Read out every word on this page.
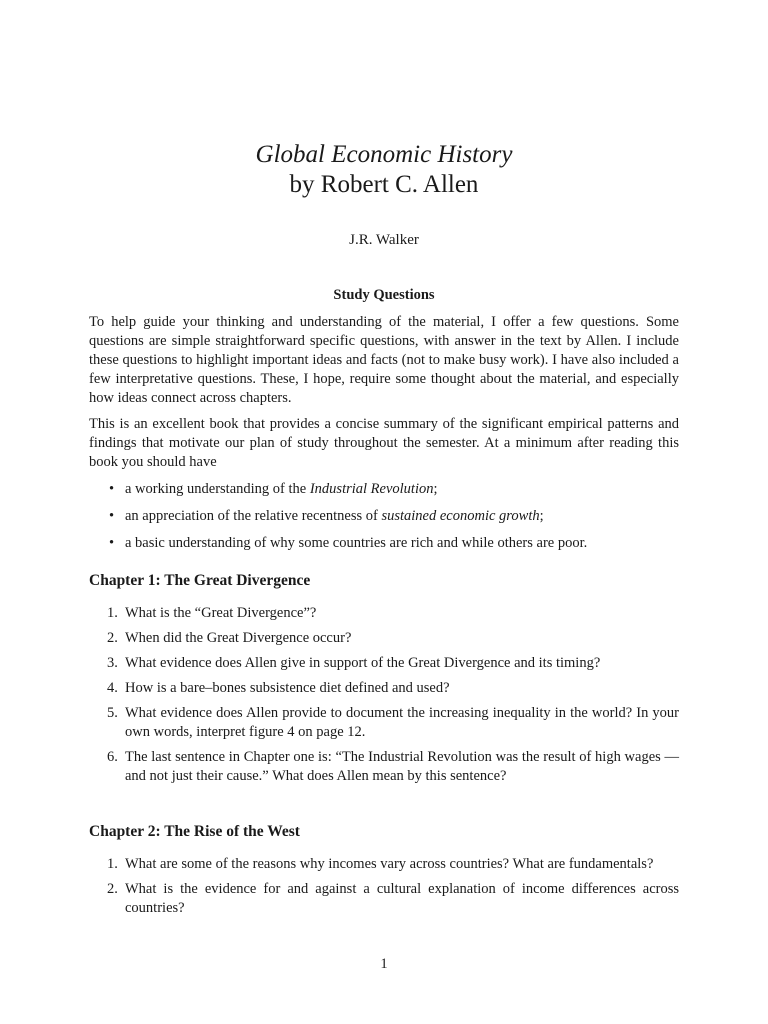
Global Economic History
by Robert C. Allen
J.R. Walker
Study Questions

To help guide your thinking and understanding of the material, I offer a few questions. Some questions are simple straightforward specific questions, with answer in the text by Allen. I include these questions to highlight important ideas and facts (not to make busy work). I have also included a few interpretative questions. These, I hope, require some thought about the material, and especially how ideas connect across chapters.

This is an excellent book that provides a concise summary of the significant empirical patterns and findings that motivate our plan of study throughout the semester. At a minimum after reading this book you should have

• a working understanding of the Industrial Revolution;
• an appreciation of the relative recentness of sustained economic growth;
• a basic understanding of why some countries are rich and while others are poor.
Chapter 1: The Great Divergence
1. What is the “Great Divergence”?
2. When did the Great Divergence occur?
3. What evidence does Allen give in support of the Great Divergence and its timing?
4. How is a bare–bones subsistence diet defined and used?
5. What evidence does Allen provide to document the increasing inequality in the world? In your own words, interpret figure 4 on page 12.
6. The last sentence in Chapter one is: “The Industrial Revolution was the result of high wages — and not just their cause.” What does Allen mean by this sentence?
Chapter 2: The Rise of the West
1. What are some of the reasons why incomes vary across countries? What are fundamentals?
2. What is the evidence for and against a cultural explanation of income differences across countries?
1
